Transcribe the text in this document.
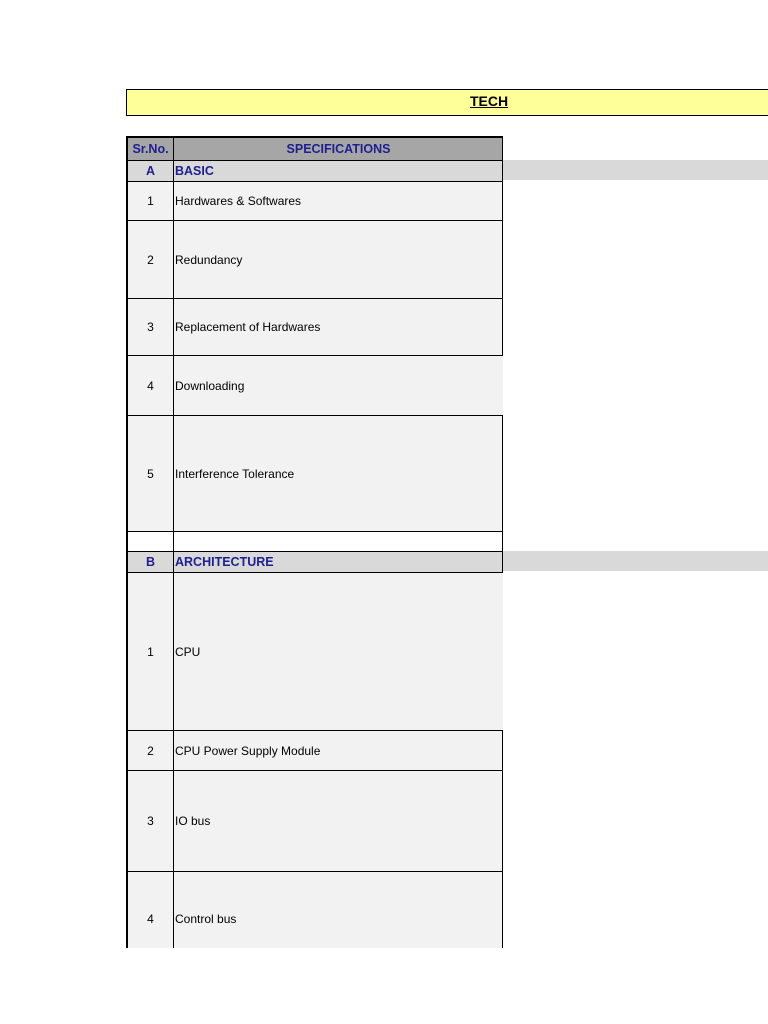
TECH
Sr.No.	SPECIFICATIONS
A	BASIC
1	Hardwares & Softwares
2	Redundancy
3	Replacement of Hardwares
4	Downloading
5	Interference Tolerance
B	ARCHITECTURE
1	CPU
2	CPU Power Supply Module
3	IO bus
4	Control bus
